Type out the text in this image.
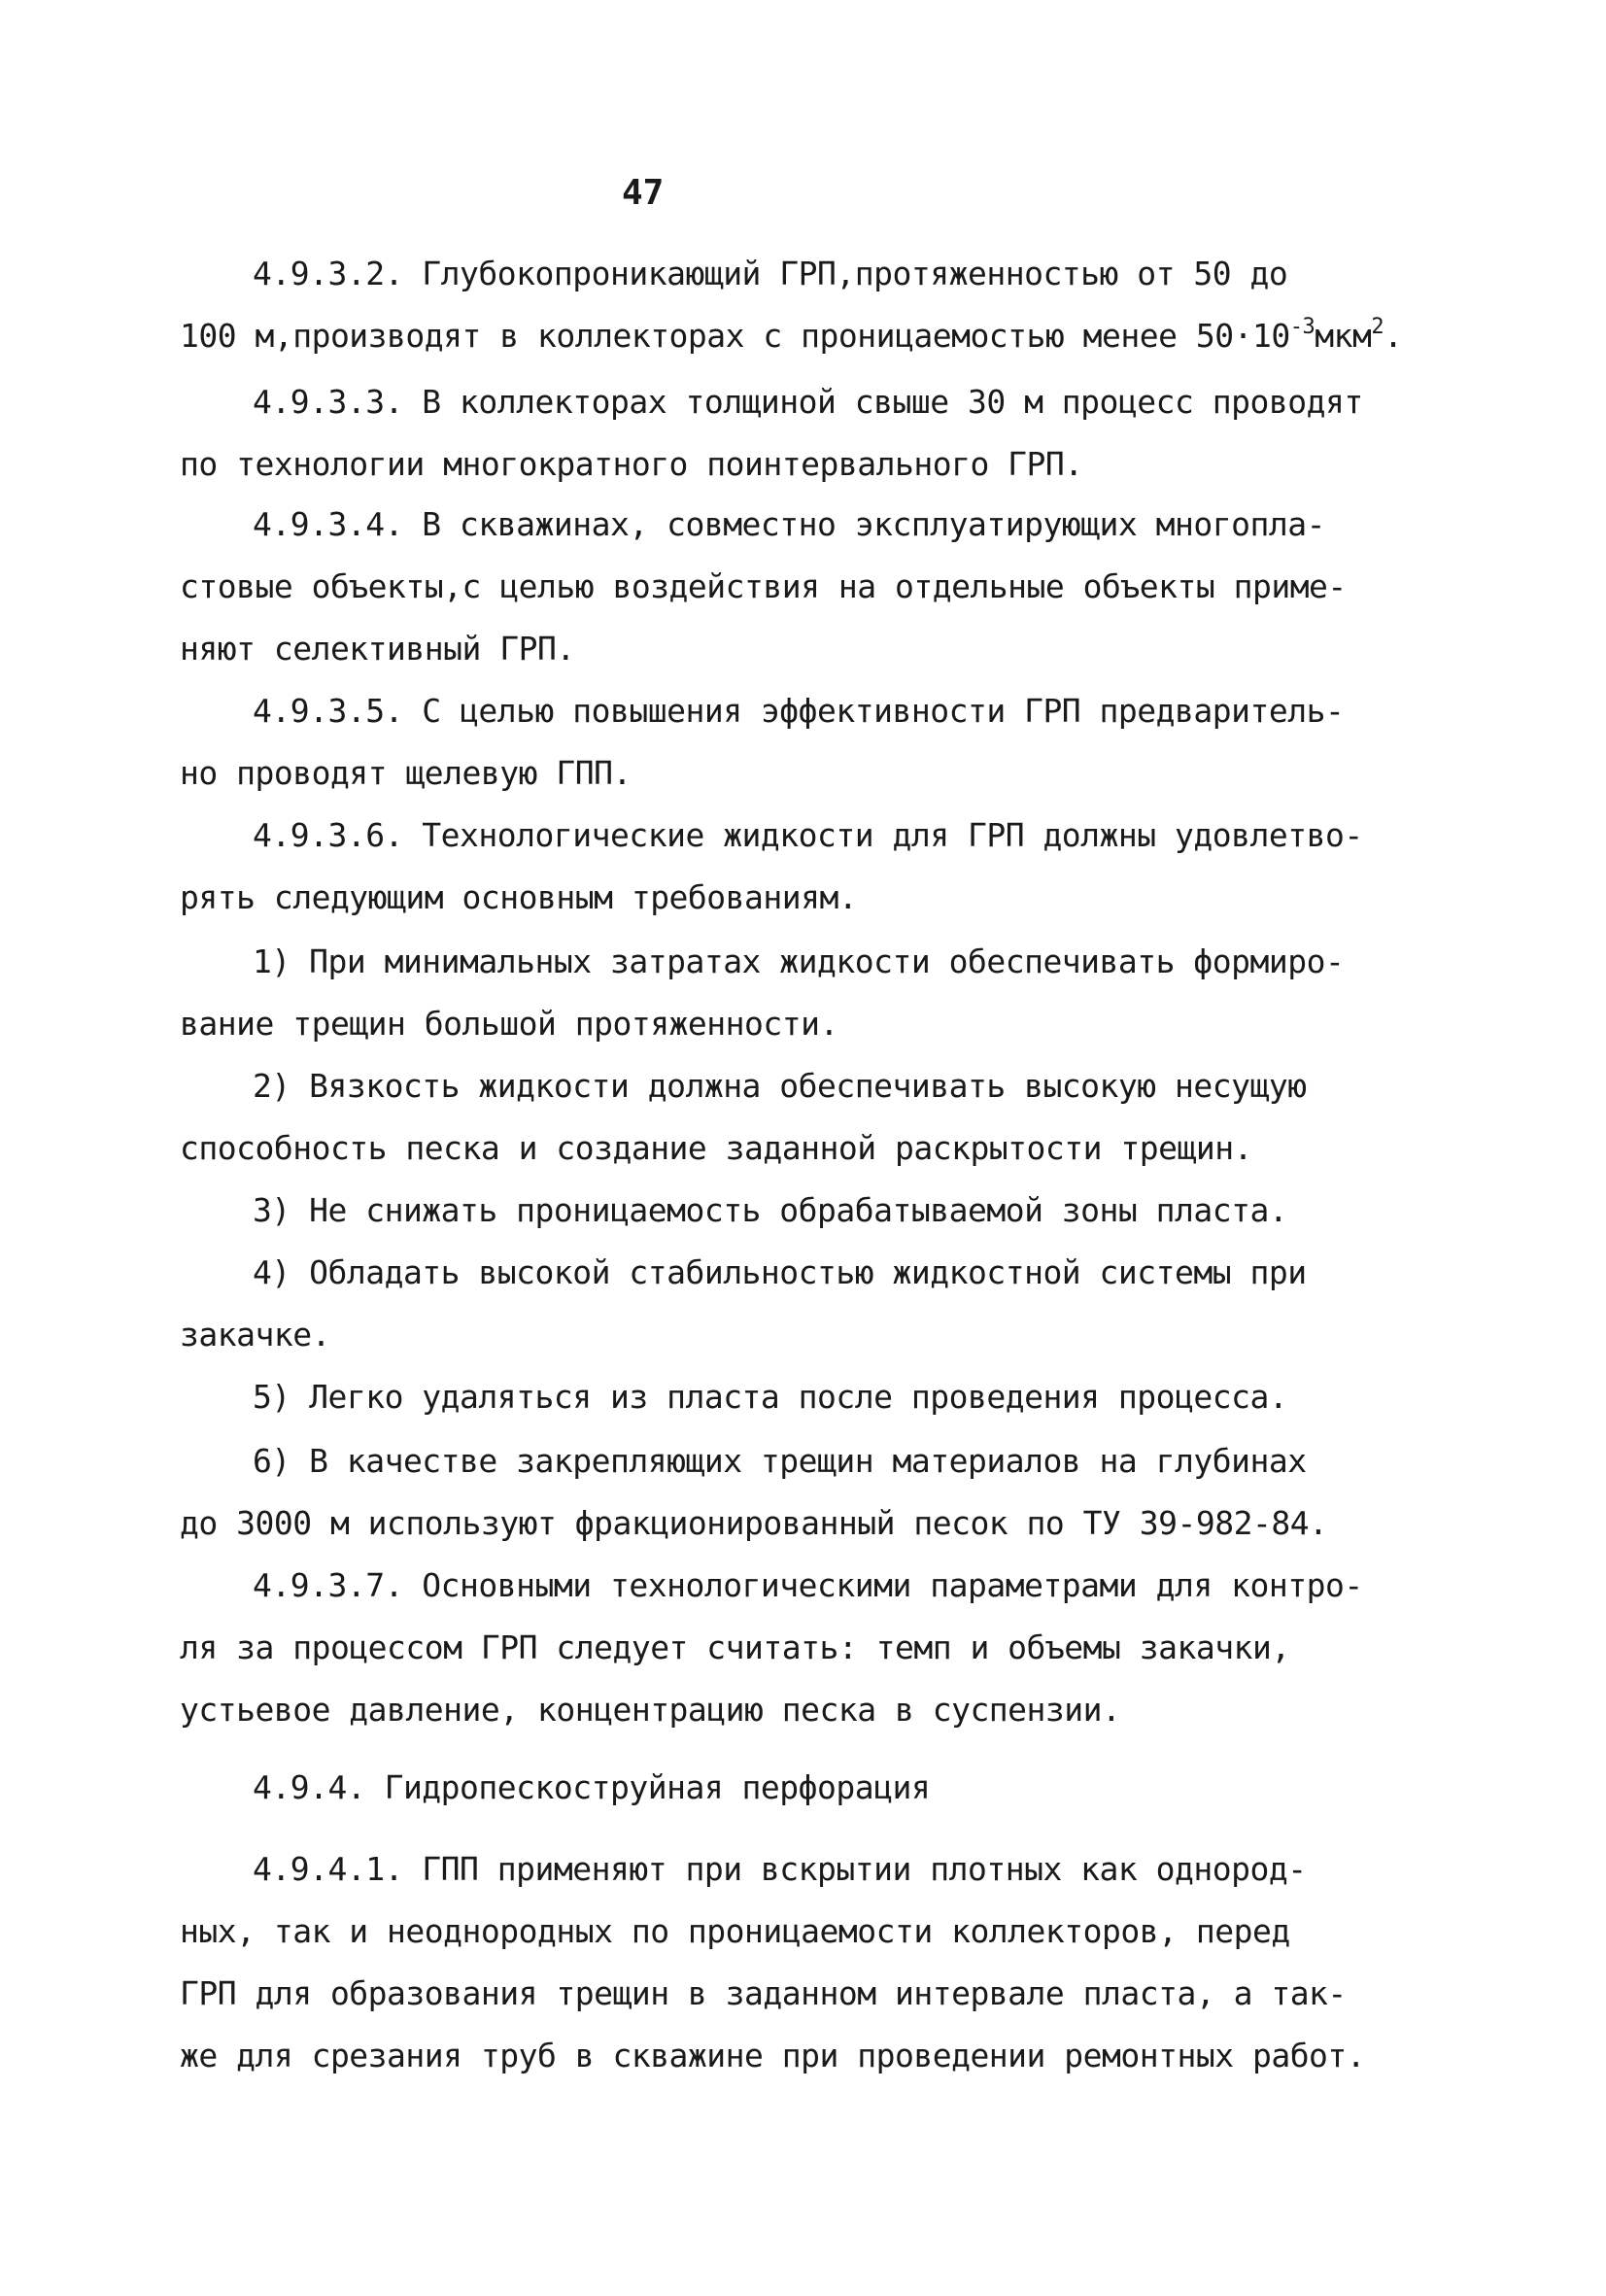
47
4.9.3.2. Глубокопроникающий ГРП,протяженностью от 50 до
100 м,производят в коллекторах с проницаемостью менее $50\cdot 10^{-3}мкм^2$.
4.9.3.3. В коллекторах толщиной свыше 30 м процесс проводят
по технологии многократного поинтервального ГРП.
4.9.3.4. В скважинах, совместно эксплуатирующих многопла-
стовые объекты,с целью воздействия на отдельные объекты приме-
няют селективный ГРП.
4.9.3.5. С целью повышения эффективности ГРП предваритель-
но проводят щелевую ГПП.
4.9.3.6. Технологические жидкости для ГРП должны удовлетво-
рять следующим основным требованиям.
1) При минимальных затратах жидкости обеспечивать формиро-
вание трещин большой протяженности.
2) Вязкость жидкости должна обеспечивать высокую несущую
способность песка и создание заданной раскрытости трещин.
3) Не снижать проницаемость обрабатываемой зоны пласта.
4) Обладать высокой стабильностью жидкостной системы при
закачке.
5) Легко удаляться из пласта после проведения процесса.
6) В качестве закрепляющих трещин материалов на глубинах
до 3000 м используют фракционированный песок по ТУ 39-982-84.
4.9.3.7. Основными технологическими параметрами для контро-
ля за процессом ГРП следует считать: темп и объемы закачки,
устьевое давление, концентрацию песка в суспензии.
4.9.4. Гидропескоструйная перфорация
4.9.4.1. ГПП применяют при вскрытии плотных как однород-
ных, так и неоднородных по проницаемости коллекторов, перед
ГРП для образования трещин в заданном интервале пласта, а так-
же для срезания труб в скважине при проведении ремонтных работ.
